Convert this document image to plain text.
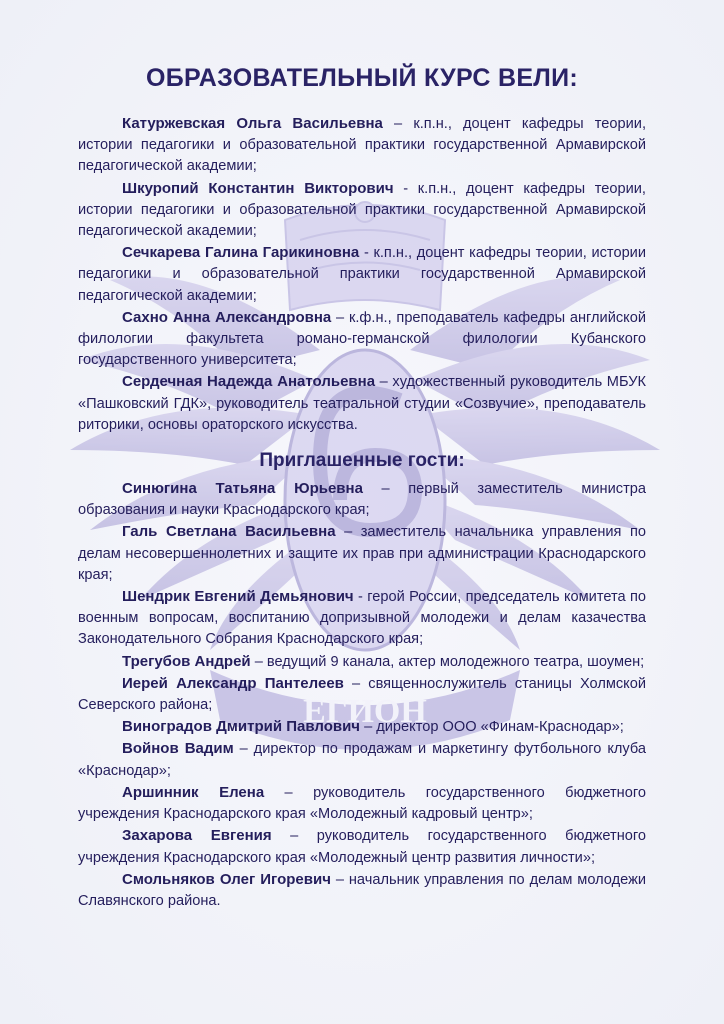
ЕГИОН
ОБРАЗОВАТЕЛЬНЫЙ КУРС ВЕЛИ:

Катуржевская Ольга Васильевна – к.п.н., доцент кафедры теории, истории педагогики и образовательной практики государственной Армавирской педагогической академии;

Шкуропий Константин Викторович - к.п.н., доцент кафедры теории, истории педагогики и образовательной практики государственной Армавирской педагогической академии;

Сечкарева Галина Гарикиновна - к.п.н., доцент кафедры теории, истории педагогики и образовательной практики государственной Армавирской педагогической академии;

Сахно Анна Александровна – к.ф.н., преподаватель кафедры английской филологии факультета романо-германской филологии Кубанского государственного университета;

Сердечная Надежда Анатольевна – художественный руководитель МБУК «Пашковский ГДК», руководитель театральной студии «Созвучие», преподаватель риторики, основы ораторского искусства.

Приглашенные гости:

Синюгина Татьяна Юрьевна – первый заместитель министра образования и науки Краснодарского края;

Галь Светлана Васильевна – заместитель начальника управления по делам несовершеннолетних и защите их прав при администрации Краснодарского края;

Шендрик Евгений Демьянович - герой России, председатель комитета по военным вопросам, воспитанию допризывной молодежи и делам казачества Законодательного Собрания Краснодарского края;

Трегубов Андрей – ведущий 9 канала, актер молодежного театра, шоумен;

Иерей Александр Пантелеев – священнослужитель станицы Холмской Северского района;

Виноградов Дмитрий Павлович – директор ООО «Финам-Краснодар»;

Войнов Вадим – директор по продажам и маркетингу футбольного клуба «Краснодар»;

Аршинник Елена – руководитель государственного бюджетного учреждения Краснодарского края «Молодежный кадровый центр»;

Захарова Евгения – руководитель государственного бюджетного учреждения Краснодарского края «Молодежный центр развития личности»;

Смольняков Олег Игоревич – начальник управления по делам молодежи Славянского района.
